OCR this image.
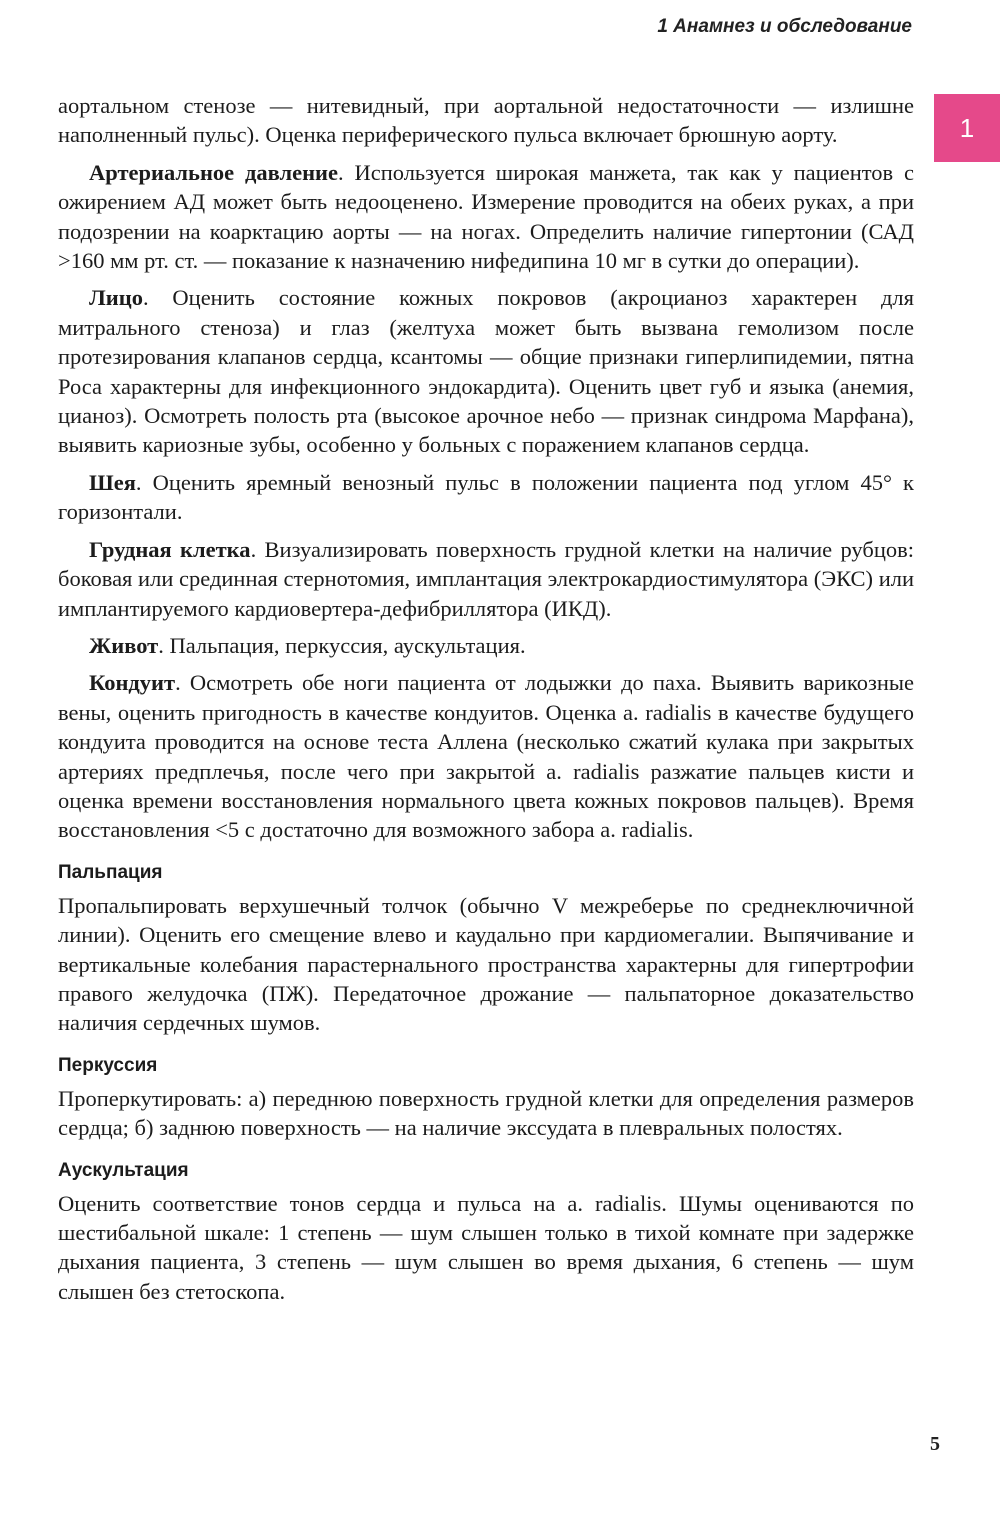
1 Анамнез и обследование
1

аортальном стенозе — нитевидный, при аортальной недостаточности — излишне наполненный пульс). Оценка периферического пульса включает брюшную аорту.

Артериальное давление. Используется широкая манжета, так как у пациентов с ожирением АД может быть недооценено. Измерение проводится на обеих руках, а при подозрении на коарктацию аорты — на ногах. Определить наличие гипертонии (САД >160 мм рт. ст. — показание к назначению нифедипина 10 мг в сутки до операции).

Лицо. Оценить состояние кожных покровов (акроцианоз характерен для митрального стеноза) и глаз (желтуха может быть вызвана гемолизом после протезирования клапанов сердца, ксантомы — общие признаки гиперлипидемии, пятна Роса характерны для инфекционного эндокардита). Оценить цвет губ и языка (анемия, цианоз). Осмотреть полость рта (высокое арочное небо — признак синдрома Марфана), выявить кариозные зубы, особенно у больных с поражением клапанов сердца.

Шея. Оценить яремный венозный пульс в положении пациента под углом 45° к горизонтали.

Грудная клетка. Визуализировать поверхность грудной клетки на наличие рубцов: боковая или срединная стернотомия, имплантация электрокардиостимулятора (ЭКС) или имплантируемого кардиовертера-дефибриллятора (ИКД).

Живот. Пальпация, перкуссия, аускультация.

Кондуит. Осмотреть обе ноги пациента от лодыжки до паха. Выявить варикозные вены, оценить пригодность в качестве кондуитов. Оценка a. radialis в качестве будущего кондуита проводится на основе теста Аллена (несколько сжатий кулака при закрытых артериях предплечья, после чего при закрытой a. radialis разжатие пальцев кисти и оценка времени восстановления нормального цвета кожных покровов пальцев). Время восстановления <5 с достаточно для возможного забора a. radialis.

Пальпация

Пропальпировать верхушечный толчок (обычно V межреберье по среднеключичной линии). Оценить его смещение влево и каудально при кардиомегалии. Выпячивание и вертикальные колебания парастернального пространства характерны для гипертрофии правого желудочка (ПЖ). Передаточное дрожание — пальпаторное доказательство наличия сердечных шумов.

Перкуссия

Проперкутировать: а) переднюю поверхность грудной клетки для определения размеров сердца; б) заднюю поверхность — на наличие экссудата в плевральных полостях.

Аускультация

Оценить соответствие тонов сердца и пульса на a. radialis. Шумы оцениваются по шестибальной шкале: 1 степень — шум слышен только в тихой комнате при задержке дыхания пациента, 3 степень — шум слышен во время дыхания, 6 степень — шум слышен без стетоскопа.

5
